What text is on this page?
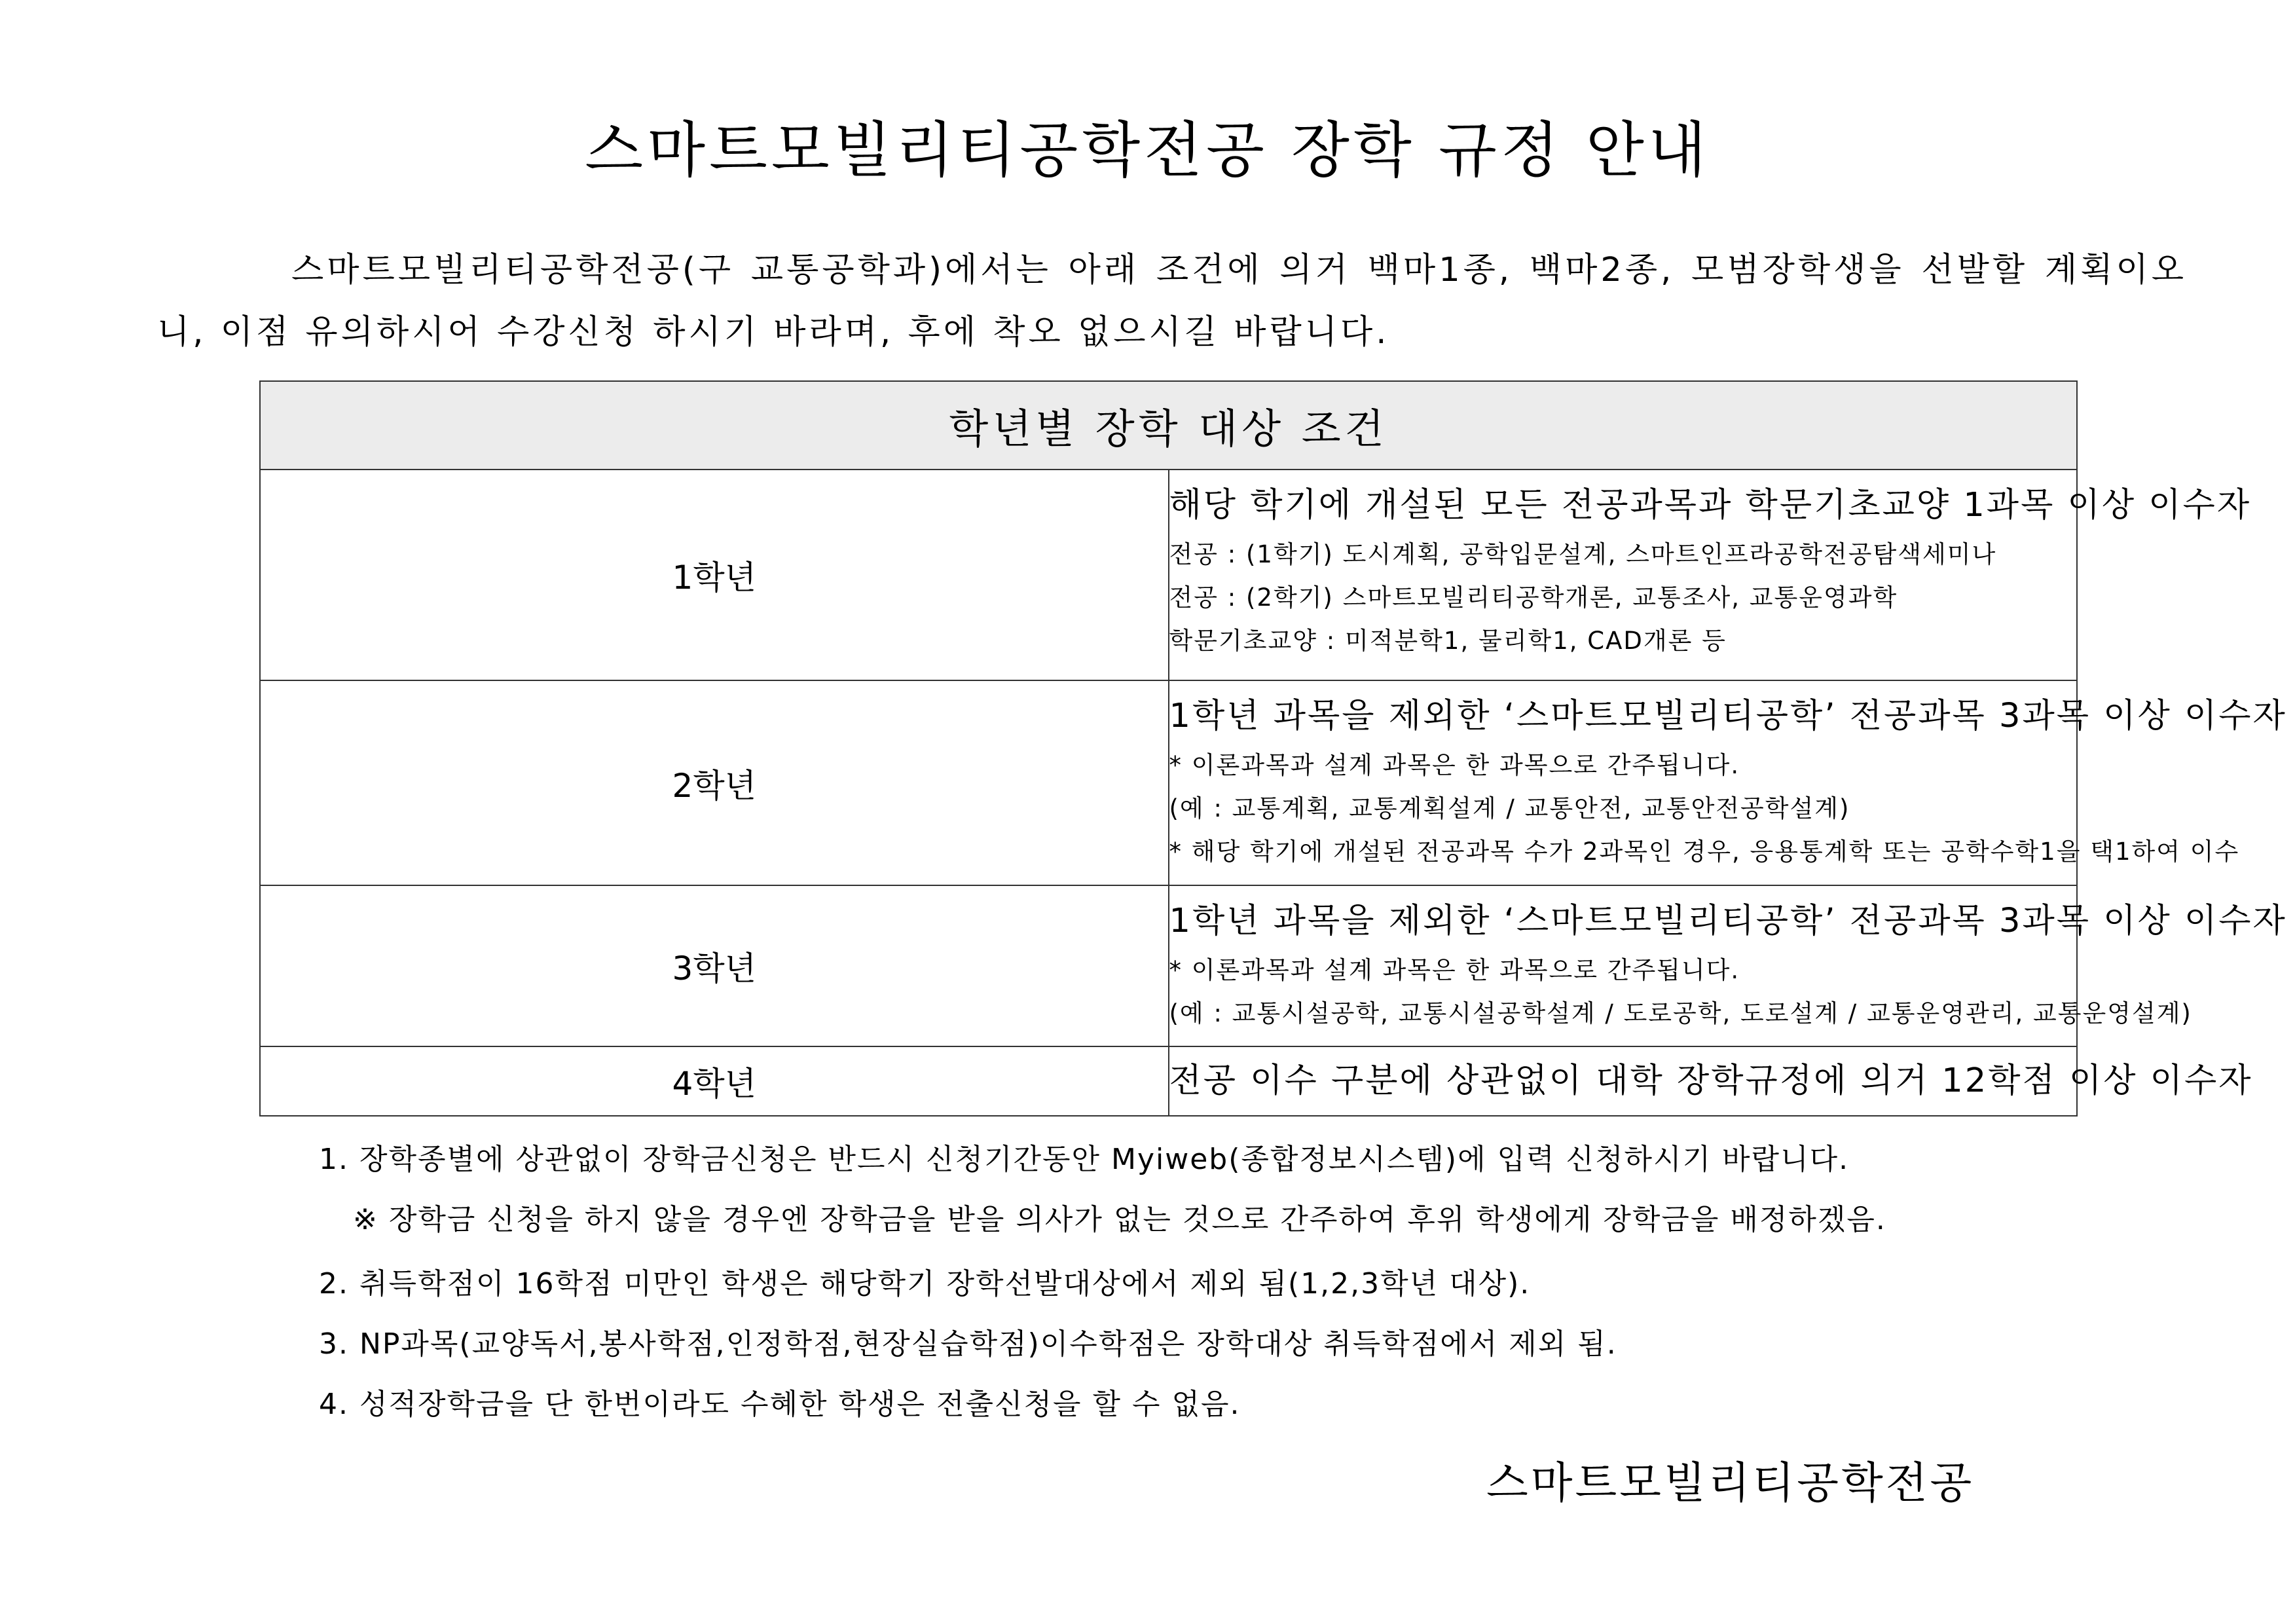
스마트모빌리티공학전공 장학 규정 안내

스마트모빌리티공학전공(구 교통공학과)에서는 아래 조건에 의거 백마1종, 백마2종, 모범장학생을 선발할 계획이오니, 이점 유의하시어 수강신청 하시기 바라며, 후에 착오 없으시길 바랍니다.

학년별 장학 대상 조건	
1학년	해당 학기에 개설된 모든 전공과목과 학문기초교양 1과목 이상 이수자
전공 : (1학기) 도시계획, 공학입문설계, 스마트인프라공학전공탐색세미나
전공 : (2학기) 스마트모빌리티공학개론, 교통조사, 교통운영과학
학문기초교양 : 미적분학1, 물리학1, CAD개론 등

2학년	1학년 과목을 제외한 ‘스마트모빌리티공학’ 전공과목 3과목 이상 이수자
* 이론과목과 설계 과목은 한 과목으로 간주됩니다.
(예 : 교통계획, 교통계획설계 / 교통안전, 교통안전공학설계)
* 해당 학기에 개설된 전공과목 수가 2과목인 경우, 응용통계학 또는 공학수학1을 택1하여 이수

3학년	1학년 과목을 제외한 ‘스마트모빌리티공학’ 전공과목 3과목 이상 이수자
* 이론과목과 설계 과목은 한 과목으로 간주됩니다.
(예 : 교통시설공학, 교통시설공학설계 / 도로공학, 도로설계 / 교통운영관리, 교통운영설계)

4학년	전공 이수 구분에 상관없이 대학 장학규정에 의거 12학점 이상 이수자
1. 장학종별에 상관없이 장학금신청은 반드시 신청기간동안 Myiweb(종합정보시스템)에 입력 신청하시기 바랍니다.
※ 장학금 신청을 하지 않을 경우엔 장학금을 받을 의사가 없는 것으로 간주하여 후위 학생에게 장학금을 배정하겠음.
2. 취득학점이 16학점 미만인 학생은 해당학기 장학선발대상에서 제외 됨(1,2,3학년 대상).
3. NP과목(교양독서,봉사학점,인정학점,현장실습학점)이수학점은 장학대상 취득학점에서 제외 됨.
4. 성적장학금을 단 한번이라도 수혜한 학생은 전출신청을 할 수 없음.
스마트모빌리티공학전공
